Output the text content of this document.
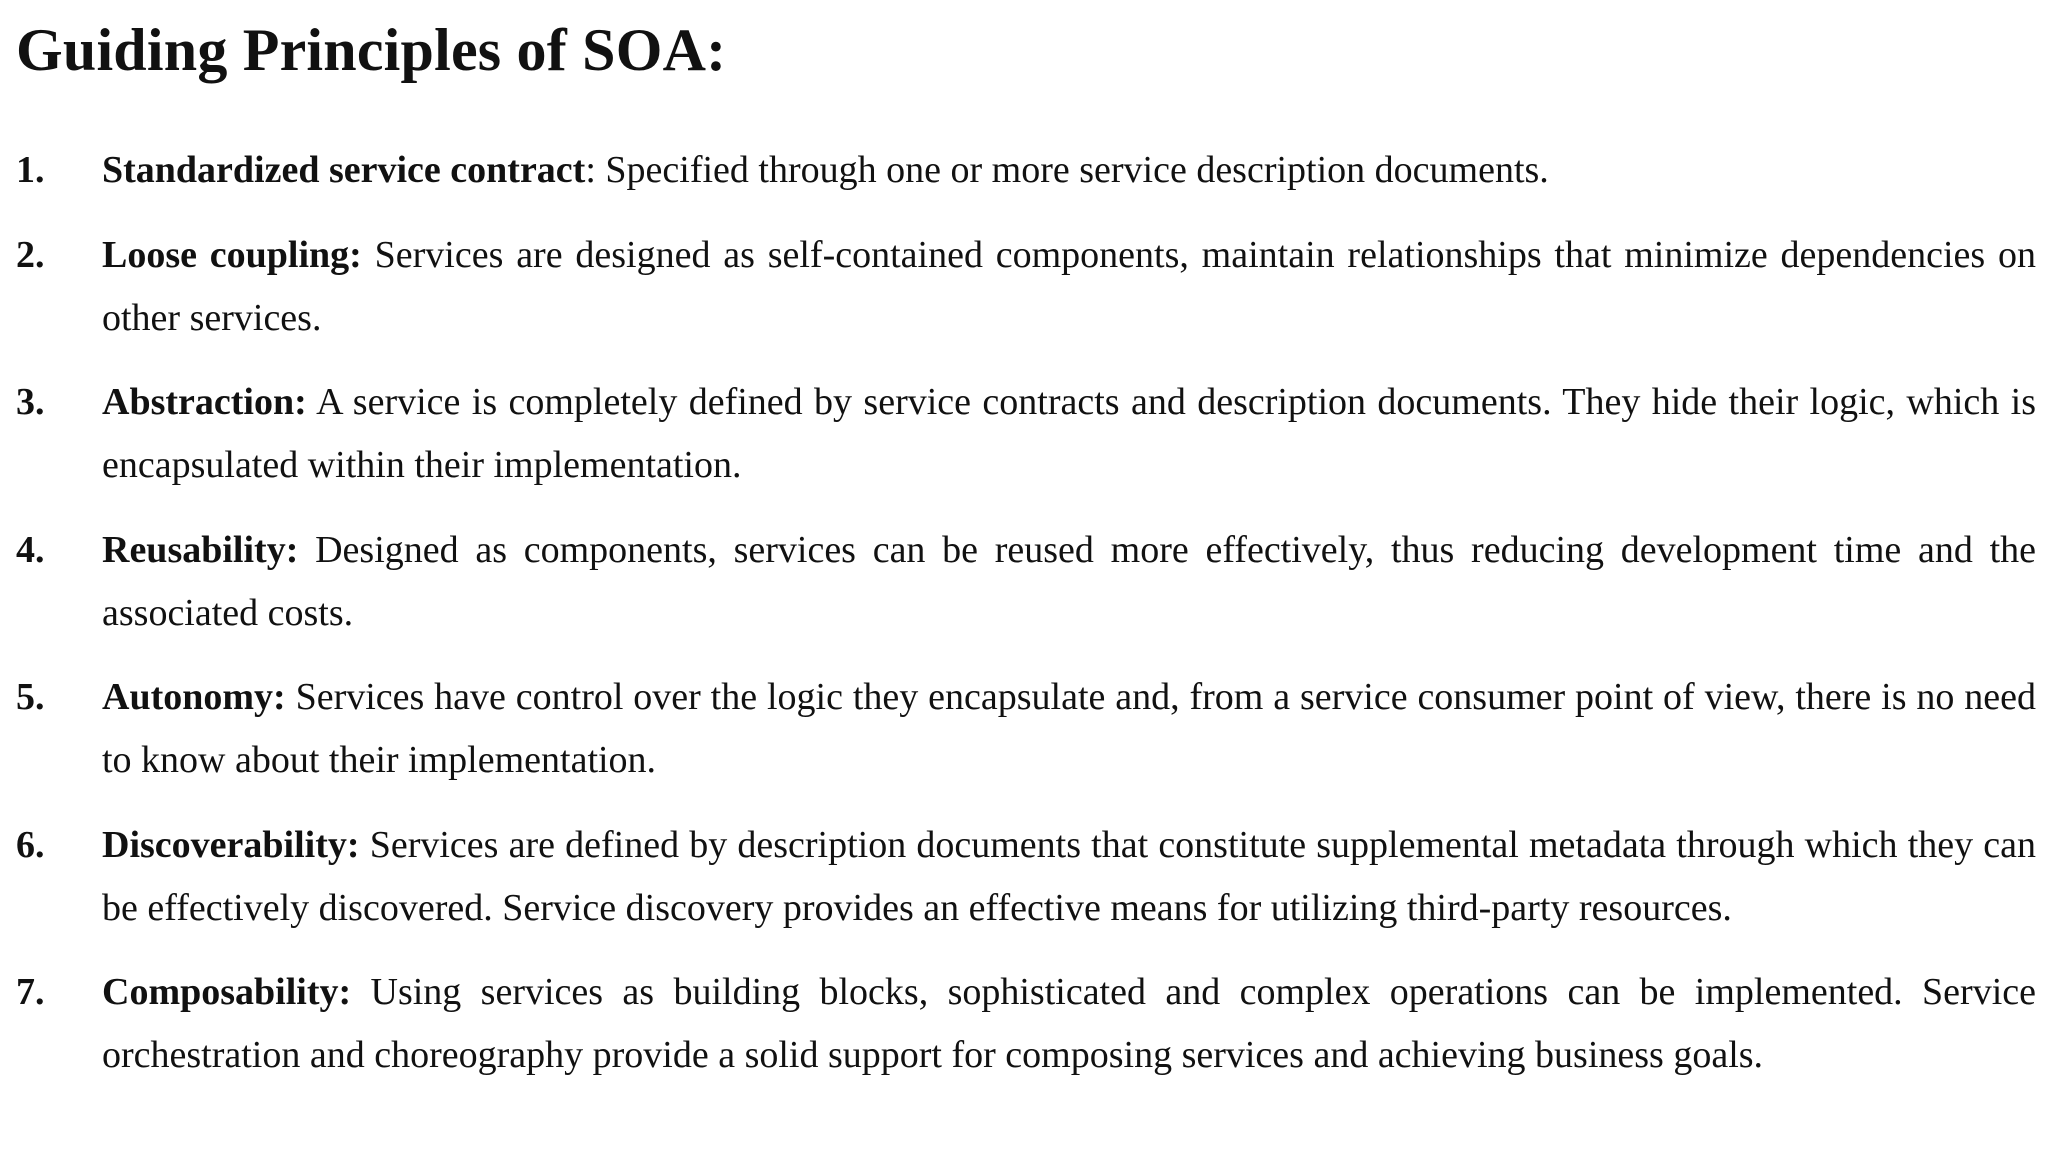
Guiding Principles of SOA:
1.	Standardized service contract: Specified through one or more service description documents.
2.	Loose coupling: Services are designed as self-contained components, maintain relationships that minimize dependencies on other services.
3.	Abstraction: A service is completely defined by service contracts and description documents. They hide their logic, which is encapsulated within their implementation.
4.	Reusability: Designed as components, services can be reused more effectively, thus reducing development time and the associated costs.
5.	Autonomy: Services have control over the logic they encapsulate and, from a service consumer point of view, there is no need to know about their implementation.
6.	Discoverability: Services are defined by description documents that constitute supplemental metadata through which they can be effectively discovered. Service discovery provides an effective means for utilizing third-party resources.
7.	Composability: Using services as building blocks, sophisticated and complex operations can be implemented. Service orchestration and choreography provide a solid support for composing services and achieving business goals.
